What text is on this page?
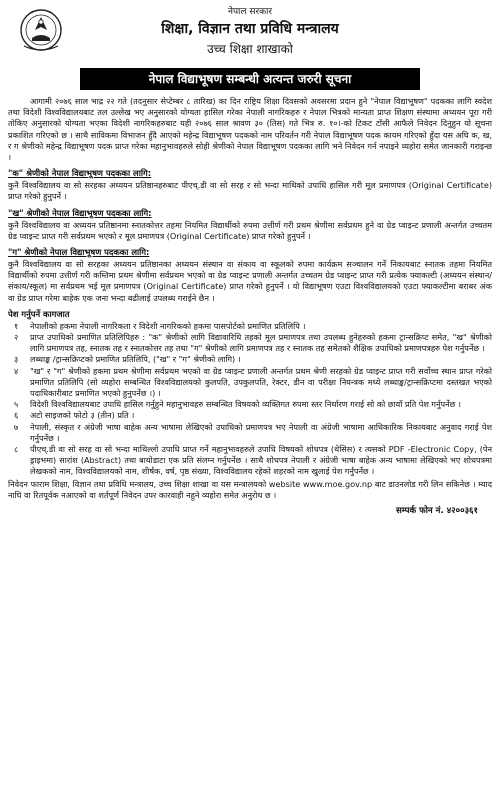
नेपाल सरकार
शिक्षा, विज्ञान तथा प्रविधि मन्त्रालय
उच्च शिक्षा शाखाको
नेपाल विद्याभूषण सम्बन्धी अत्यन्त जरुरी सूचना

आगामी २०७६ साल भाद्र २२ गते (तदनुसार सेप्टेम्बर ८ तारिख) का दिन राष्ट्रिय शिक्षा दिवसको अवसरमा प्रदान हुने "नेपाल विद्याभूषण" पदकका लागि स्वदेश तथा विदेशी विश्वविद्यालयबाट तल उल्लेख भए अनुसारको योग्यता हासिल गरेका नेपाली नागरिकहरु र नेपाल भित्रको मान्यता प्राप्त शिक्षण संस्थामा अध्ययन पूरा गरी तोकिए अनुसारको योग्यता भएका विदेशी नागरिकहरुबाट यही २०७६ साल श्रावण ३० (तिस) गते भित्र रु. १०।-को टिकट टाँसी आफैले निवेदन दिनुहुन यो सूचना प्रकाशित गरिएको छ । साथै साविकमा विभाजन हुँदै आएको महेन्द्र विद्याभूषण पदकको नाम परिवर्तन गरी नेपाल विद्याभूषण पदक कायम गरिएको हुँदा यस अघि क, ख, र ग श्रेणीको महेन्द्र विद्याभूषण पदक प्राप्त गरेका महानुभावहरुले सोही श्रेणीको नेपाल विद्याभूषण पदकका लागि भने निवेदन गर्न नपाइने व्यहोरा समेत जानकारी गराइन्छ ।

"क" श्रेणीको नेपाल विद्याभूषण पदकका लागि:

कुनै विश्वविद्यालय वा सो सरहका अध्ययन प्रतिष्ठानहरुबाट पीएच्.डी वा सो सरह र सो भन्दा माथिको उपाधि हासिल गरी मूल प्रमाणपत्र (Original Certificate) प्राप्त गरेको हुनुपर्ने ।

"ख" श्रेणीको नेपाल विद्याभूषण पदकका लागि:

कुनै विश्वविद्यालय वा अध्ययन प्रतिष्ठानमा स्नातकोत्तर तहमा नियमित विद्यार्थीको रुपमा उत्तीर्ण गरी प्रथम श्रेणीमा सर्वप्रथम हुने वा ग्रेड प्वाइन्ट प्रणाली अन्तर्गत उच्चतम ग्रेड प्वाइन्ट प्राप्त गरी सर्वप्रथम भएको र मूल प्रमाणपत्र (Original Certificate) प्राप्त गरेको हुनुपर्ने ।

"ग" श्रेणीको नेपाल विद्याभूषण पदकका लागि:

कुनै विश्वविद्यालय वा सो सरहका अध्ययन प्रतिष्ठानका अध्ययन संस्थान वा संकाय वा स्कूलको रुपमा कार्यक्रम सञ्चालन गर्ने निकायबाट स्नातक तहमा नियमित विद्यार्थीको रुपमा उत्तीर्ण गरी कम्तिमा प्रथम श्रेणीमा सर्वप्रथम भएको वा ग्रेड प्वाइन्ट प्रणाली अन्तर्गत उच्चतम ग्रेड प्वाइन्ट प्राप्त गरी प्रत्येक फ्याकल्टी (अध्ययन संस्थान/संकाय/स्कूल) मा सर्वप्रथम भई मूल प्रमाणपत्र (Original Certificate) प्राप्त गरेको हुनुपर्ने । यो विद्याभूषण एउटा विश्वविद्यालयको एउटा फ्याकल्टीमा बराबर अंक वा ग्रेड प्राप्त गरेमा बाहेक एक जना भन्दा बढीलाई उपलब्ध गराईने छैन ।

पेश गर्नुपर्ने कागजात
१	नेपालीको हकमा नेपाली नागरिकता र विदेशी नागरिकको हकमा पासपोर्टको प्रमाणित प्रतिलिपि ।
२	प्राप्त उपाधिको प्रमाणित प्रतिलिपिहरु : "क" श्रेणीको लागि विद्यावारिधि तहको मूल प्रमाणपत्र तथा उपलब्ध हुनेहरुको हकमा ट्रान्सक्रिप्ट समेत, "ख" श्रेणीको लागि प्रमाणपत्र तह, स्नातक तह र स्नातकोत्तर तह तथा "ग" श्रेणीको लागि प्रमाणपत्र तह र स्नातक तह समेतको शैक्षिक उपाधिको प्रमाणपत्रहरु पेश गर्नुपर्नेछ ।
३	लब्धाङ्क /ट्रान्सक्रिप्टको प्रमाणित प्रतिलिपि, ("ख" र "ग" श्रेणीको लागि) ।
४	"ख" र "ग" श्रेणीको हकमा प्रथम श्रेणीमा सर्वप्रथम भएको वा ग्रेड प्वाइन्ट प्रणाली अन्तर्गत प्रथम श्रेणी सरहको ग्रेड प्वाइन्ट प्राप्त गरी सर्वोच्च स्थान प्राप्त गरेको प्रमाणित प्रतिलिपि (सो व्यहोरा सम्बन्धित विश्वविद्यालयको कुलपति, उपकुलपति, रेक्टर, डीन वा परीक्षा नियन्त्रक मध्ये लब्धाङ्क/ट्रान्सक्रिप्टमा दस्तखत भएको पदाधिकारीबाट प्रमाणित भएको हुनुपर्नेछ ।) ।
५	विदेशी विश्वविद्यालयबाट उपाधि हासिल गर्नुहुने महानुभावहरु सम्बन्धित विषयको व्यक्तिगत रुपमा स्तर निर्धारण गराई सो को छायाँ प्रति पेश गर्नुपर्नेछ ।
६	अटो साइजको फोटो ३ (तीन) प्रति ।
७	नेपाली, संस्कृत र अंग्रेजी भाषा बाहेक अन्य भाषामा लेखिएको उपाधिको प्रमाणपत्र भए नेपाली वा अंग्रेजी भाषामा आधिकारिक निकायबाट अनुवाद गराई पेश गर्नुपर्नेछ ।
८	पीएच्.डी वा सो सरह वा सो भन्दा माथिल्लो उपाधि प्राप्त गर्ने महानुभावहरुले उपाधि विषयको शोधपत्र (थेसिस) र त्यसको PDF -Electronic Copy, (पेन ड्राइभमा) सारांश (Abstract) तथा बायोडाटा एक प्रति संलग्न गर्नुपर्नेछ । साथै शोधपत्र नेपाली र अंग्रेजी भाषा बाहेक अन्य भाषामा लेखिएको भए शोधपत्रमा लेखकको नाम, विश्वविद्यालयको नाम, शीर्षक, वर्ष, पृष्ठ संख्या, विश्वविद्यालय रहेको शहरको नाम खुलाई पेश गर्नुपर्नेछ ।

निवेदन फाराम शिक्षा, विज्ञान तथा प्रविधि मन्त्रालय, उच्च शिक्षा शाखा वा यस मन्त्रालयको website www.moe.gov.np बाट डाउनलोड गरी लिन सकिनेछ । म्याद नाघि वा रितपूर्वक नआएको वा शर्तपूर्ण निवेदन उपर कारवाही नहुने व्यहोरा समेत अनुरोध छ ।

सम्पर्क फोन नं. ४२००३६१
